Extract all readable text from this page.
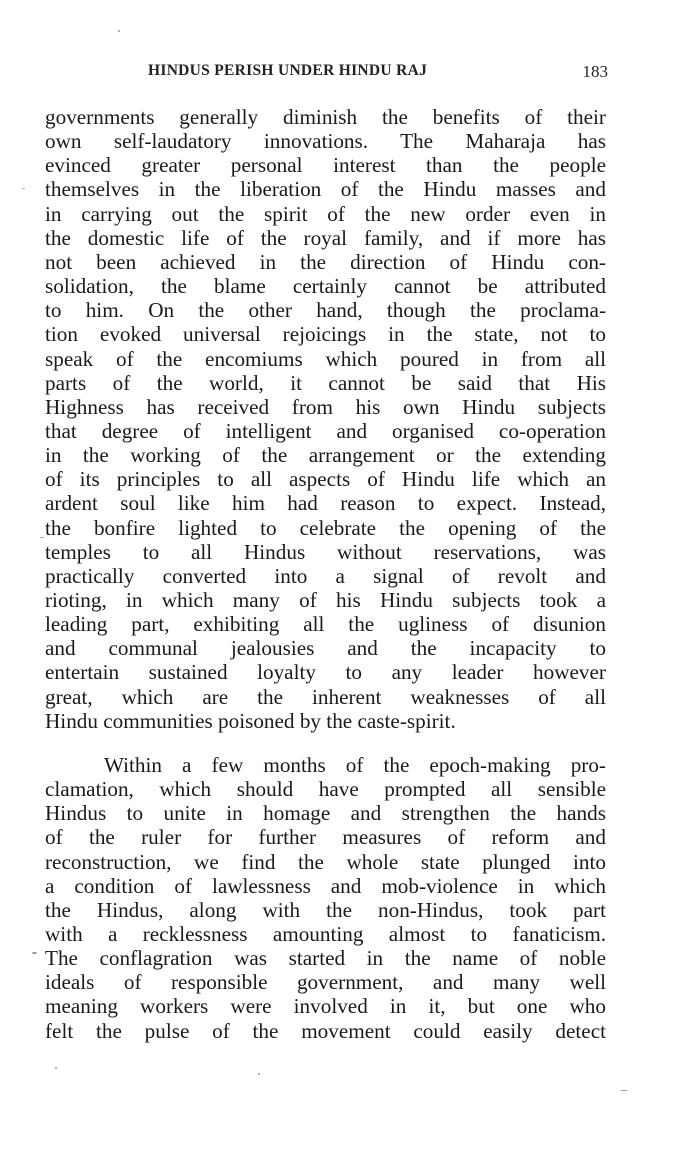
HINDUS PERISH UNDER HINDU RAJ	183
governments generally diminish the benefits of their
own self-laudatory innovations. The Maharaja has
evinced greater personal interest than the people
themselves in the liberation of the Hindu masses and
in carrying out the spirit of the new order even in
the domestic life of the royal family, and if more has
not been achieved in the direction of Hindu con-
solidation, the blame certainly cannot be attributed
to him. On the other hand, though the proclama-
tion evoked universal rejoicings in the state, not to
speak of the encomiums which poured in from all
parts of the world, it cannot be said that His
Highness has received from his own Hindu subjects
that degree of intelligent and organised co-operation
in the working of the arrangement or the extending
of its principles to all aspects of Hindu life which an
ardent soul like him had reason to expect. Instead,
the bonfire lighted to celebrate the opening of the
temples to all Hindus without reservations, was
practically converted into a signal of revolt and
rioting, in which many of his Hindu subjects took a
leading part, exhibiting all the ugliness of disunion
and communal jealousies and the incapacity to
entertain sustained loyalty to any leader however
great, which are the inherent weaknesses of all
Hindu communities poisoned by the caste-spirit.
Within a few months of the epoch-making pro-
clamation, which should have prompted all sensible
Hindus to unite in homage and strengthen the hands
of the ruler for further measures of reform and
reconstruction, we find the whole state plunged into
a condition of lawlessness and mob-violence in which
the Hindus, along with the non-Hindus, took part
with a recklessness amounting almost to fanaticism.
The conflagration was started in the name of noble
ideals of responsible government, and many well
meaning workers were involved in it, but one who
felt the pulse of the movement could easily detect
